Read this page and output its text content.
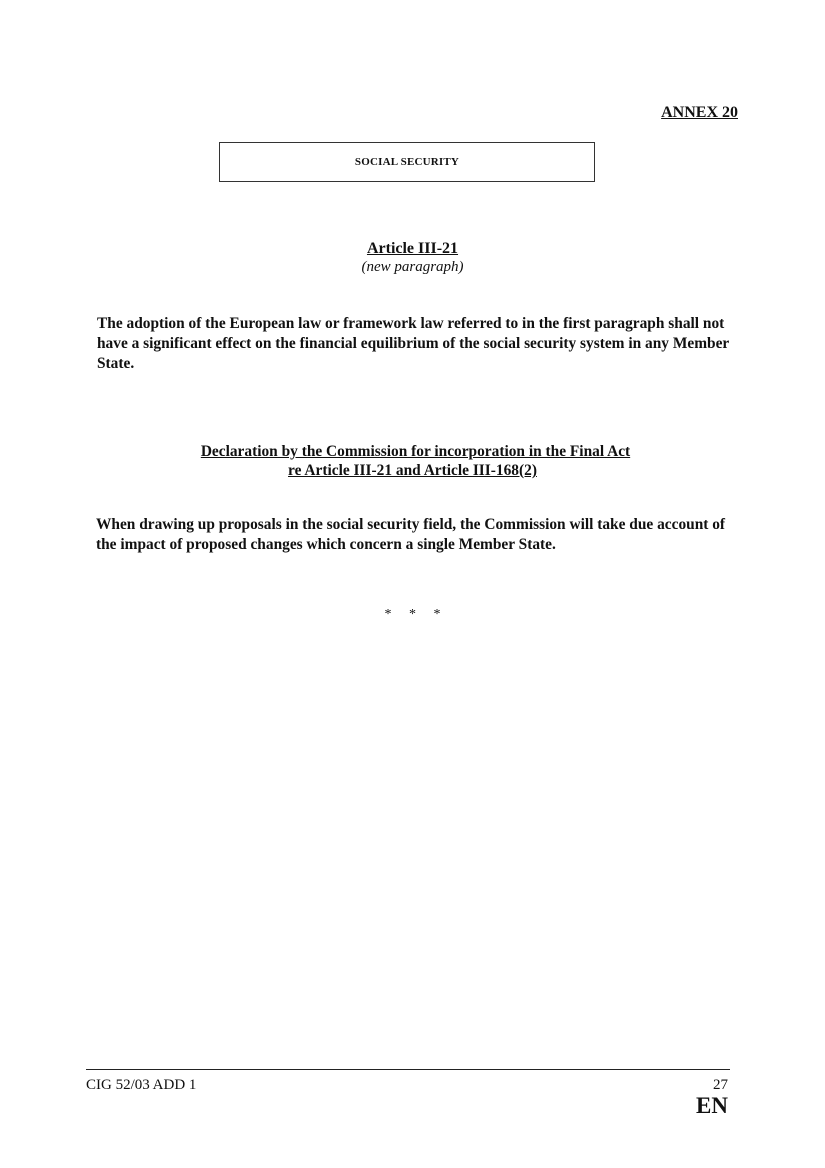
ANNEX 20
SOCIAL SECURITY
Article III-21
(new paragraph)
The adoption of the European law or framework law referred to in the first paragraph shall not have a significant effect on the financial equilibrium of the social security system in any Member State.
Declaration by the Commission for incorporation in the Final Act
re Article III-21 and Article III-168(2)
When drawing up proposals in the social security field, the Commission will take due account of the impact of proposed changes which concern a single Member State.
* * *
CIG 52/03 ADD 1	27
EN
